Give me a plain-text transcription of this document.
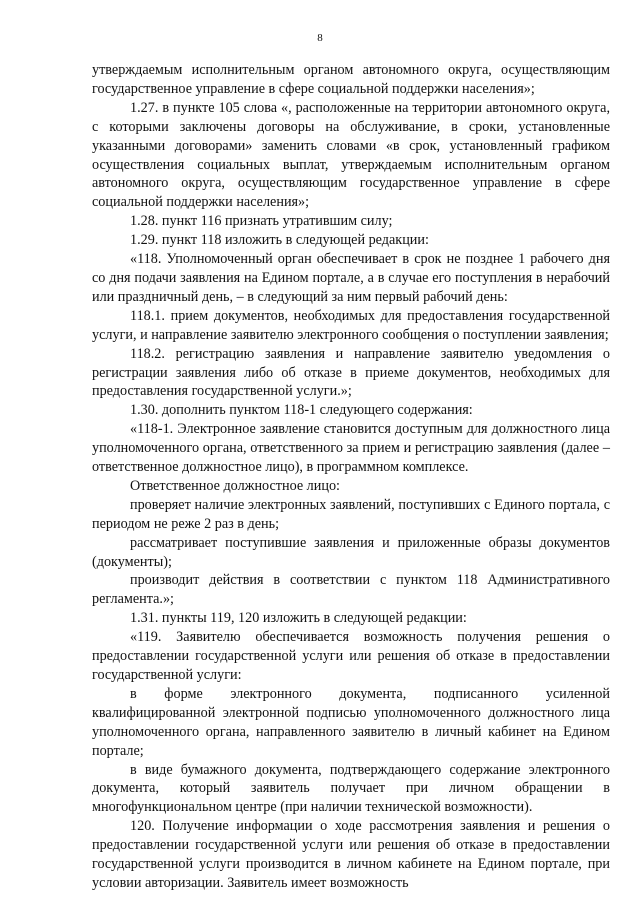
8

утверждаемым исполнительным органом автономного округа, осуществляющим государственное управление в сфере социальной поддержки населения»;

1.27. в пункте 105 слова «, расположенные на территории автономного округа, с которыми заключены договоры на обслуживание, в сроки, установленные указанными договорами» заменить словами «в срок, установленный графиком осуществления социальных выплат, утверждаемым исполнительным органом автономного округа, осуществляющим государственное управление в сфере социальной поддержки населения»;

1.28. пункт 116 признать утратившим силу;

1.29. пункт 118 изложить в следующей редакции:

«118. Уполномоченный орган обеспечивает в срок не позднее 1 рабочего дня со дня подачи заявления на Едином портале, а в случае его поступления в нерабочий или праздничный день, – в следующий за ним первый рабочий день:

118.1. прием документов, необходимых для предоставления государственной услуги, и направление заявителю электронного сообщения о поступлении заявления;

118.2. регистрацию заявления и направление заявителю уведомления о регистрации заявления либо об отказе в приеме документов, необходимых для предоставления государственной услуги.»;

1.30. дополнить пунктом 118-1 следующего содержания:

«118-1. Электронное заявление становится доступным для должностного лица уполномоченного органа, ответственного за прием и регистрацию заявления (далее – ответственное должностное лицо), в программном комплексе.

Ответственное должностное лицо:

проверяет наличие электронных заявлений, поступивших с Единого портала, с периодом не реже 2 раз в день;

рассматривает поступившие заявления и приложенные образы документов (документы);

производит действия в соответствии с пунктом 118 Административного регламента.»;

1.31. пункты 119, 120 изложить в следующей редакции:

«119. Заявителю обеспечивается возможность получения решения о предоставлении государственной услуги или решения об отказе в предоставлении государственной услуги:

в форме электронного документа, подписанного усиленной квалифицированной электронной подписью уполномоченного должностного лица уполномоченного органа, направленного заявителю в личный кабинет на Едином портале;

в виде бумажного документа, подтверждающего содержание электронного документа, который заявитель получает при личном обращении в многофункциональном центре (при наличии технической возможности).

120. Получение информации о ходе рассмотрения заявления и решения о предоставлении государственной услуги или решения об отказе в предоставлении государственной услуги производится в личном кабинете на Едином портале, при условии авторизации. Заявитель имеет возможность
